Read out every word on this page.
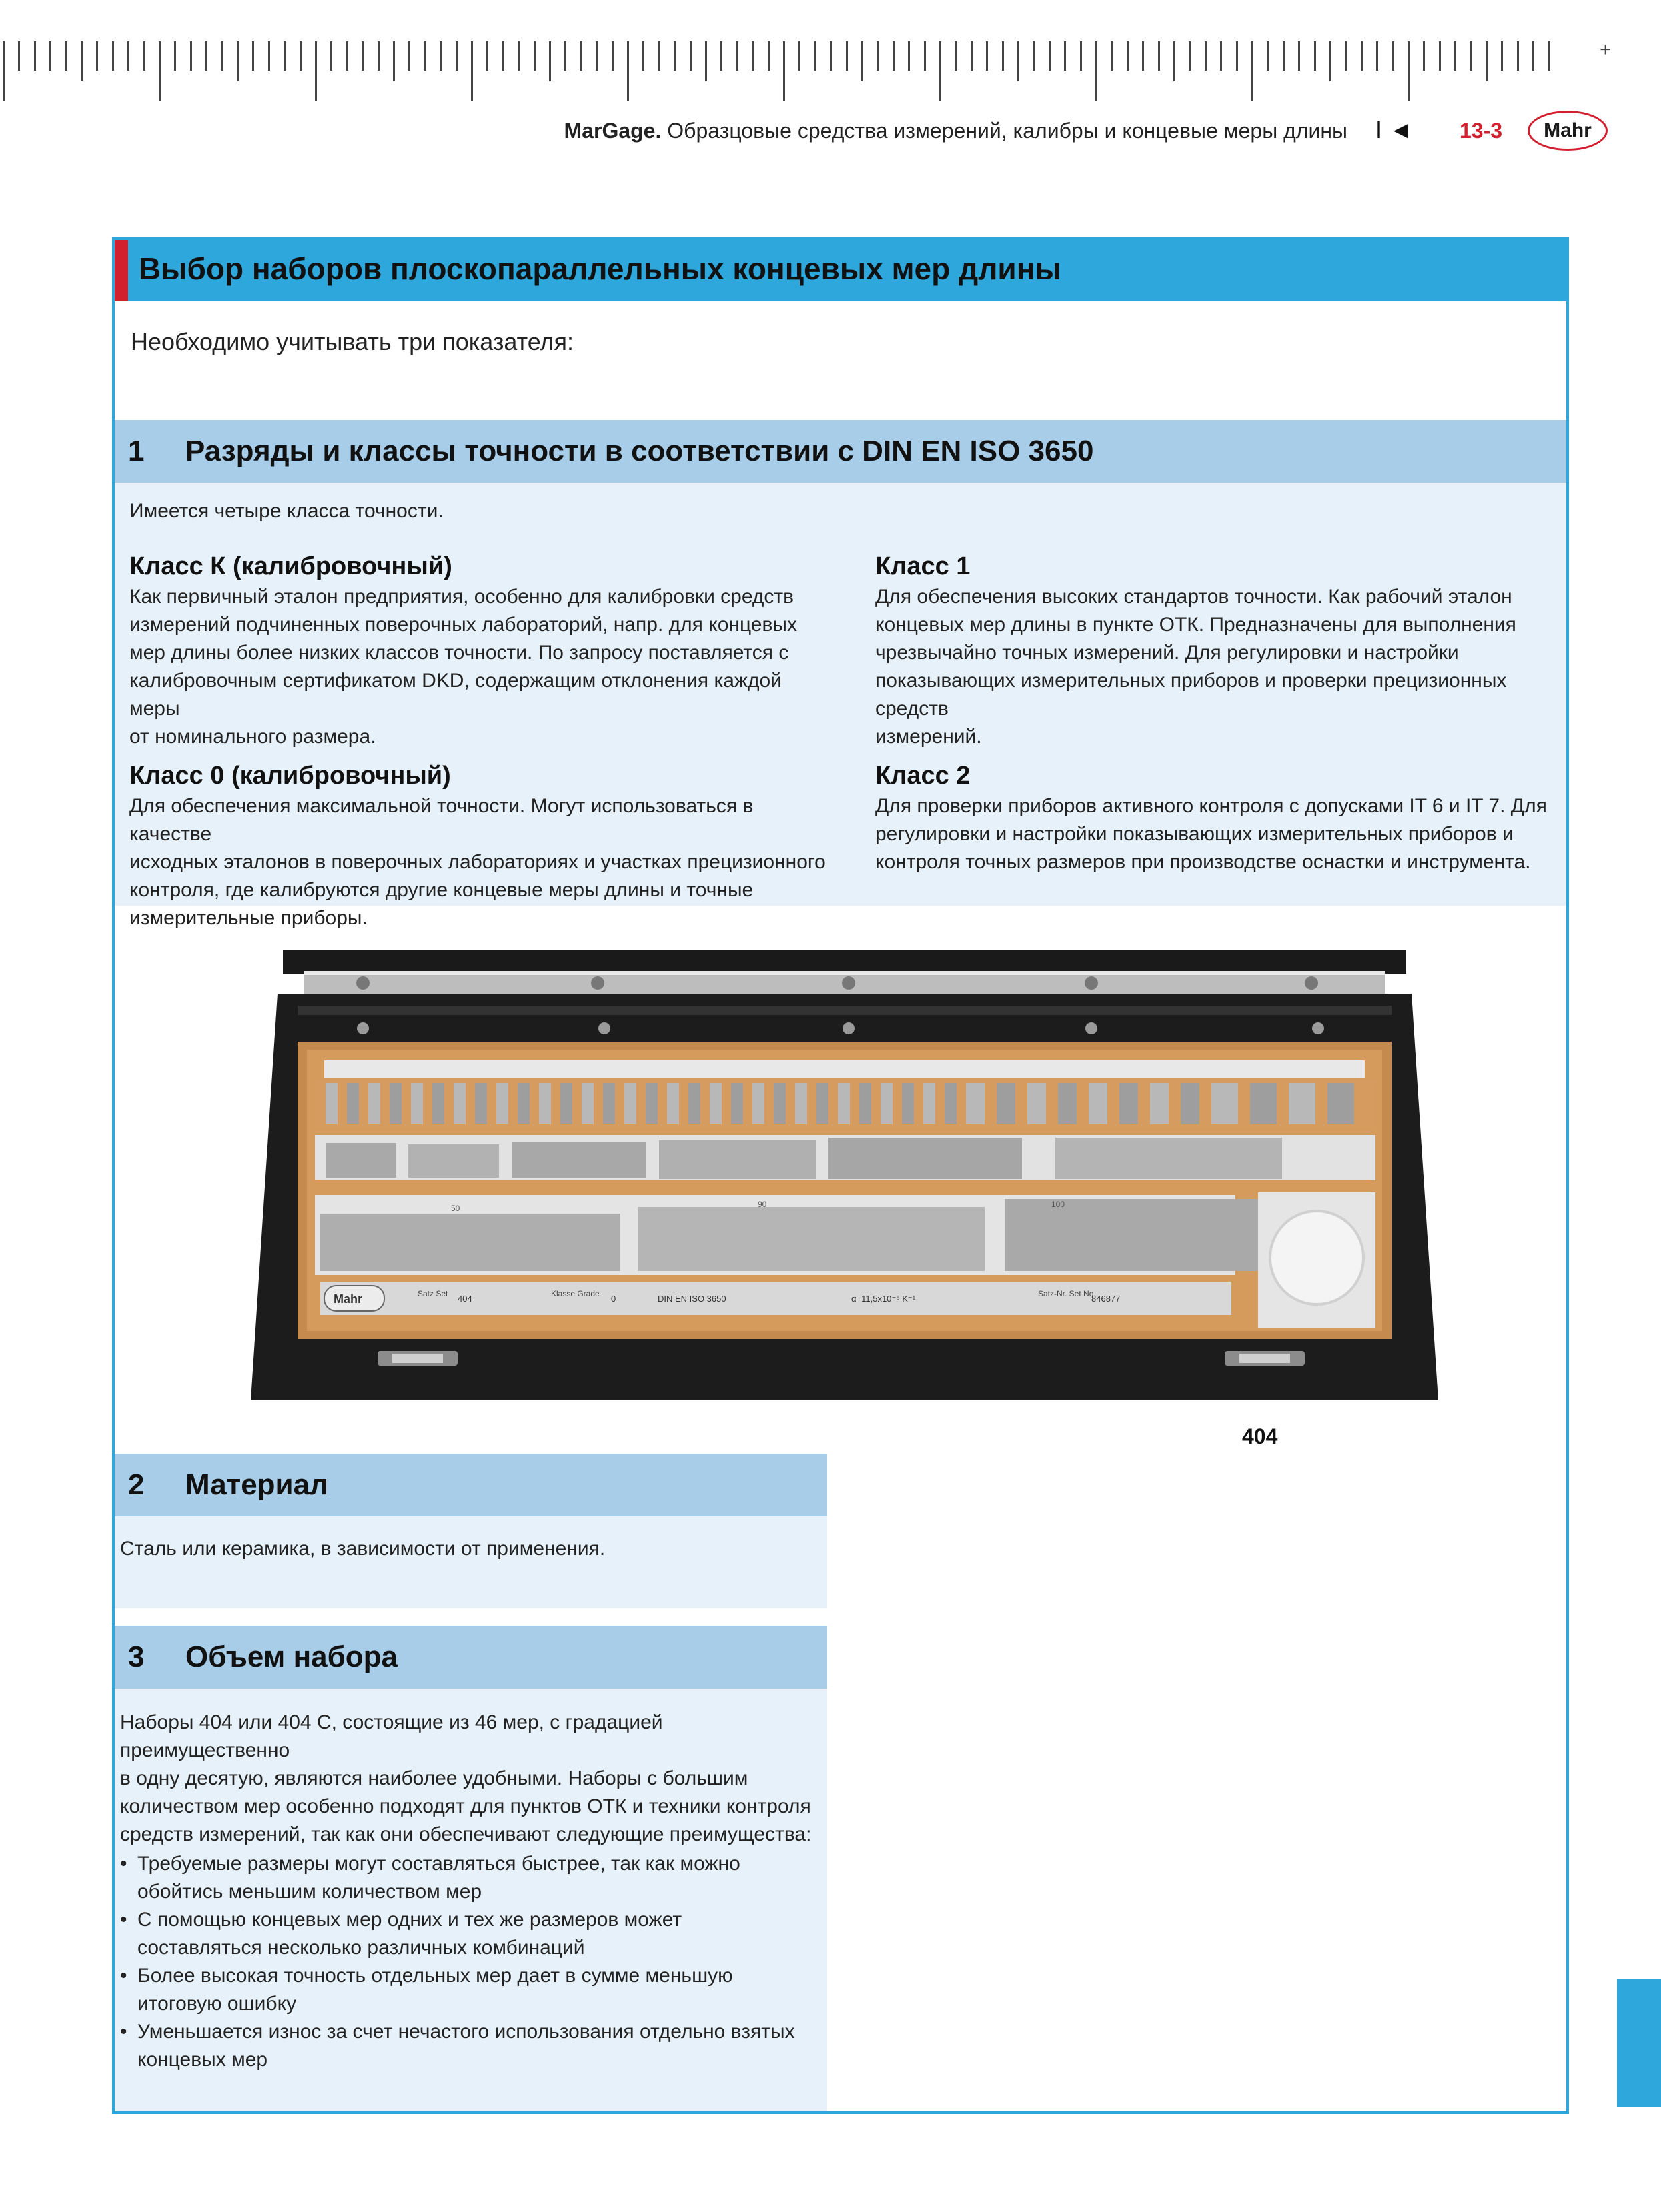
+
MarGage. Образцовые средства измерений, калибры и концевые меры длины I ◄ 13-3	Mahr
Выбор наборов плоскопараллельных концевых мер длины
Необходимо учитывать три показателя:
1 Разряды и классы точности в соответствии с DIN EN ISO 3650
Имеется четыре класса точности.
Класс К (калибровочный)
Как первичный эталон предприятия, особенно для калибровки средств
измерений подчиненных поверочных лабораторий, напр. для концевых
мер длины более низких классов точности. По запросу поставляется с
калибровочным сертификатом DKD, содержащим отклонения каждой меры
от номинального размера.
Класс 1
Для обеспечения высоких стандартов точности. Как рабочий эталон
концевых мер длины в пункте ОТК. Предназначены для выполнения
чрезвычайно точных измерений. Для регулировки и настройки
показывающих измерительных приборов и проверки прецизионных средств
измерений.
Класс 0 (калибровочный)
Для обеспечения максимальной точности. Могут использоваться в качестве
исходных эталонов в поверочных лабораториях и участках прецизионного
контроля, где калибруются другие концевые меры длины и точные
измерительные приборы.
Класс 2
Для проверки приборов активного контроля с допусками IT 6 и IT 7. Для
регулировки и настройки показывающих измерительных приборов и
контроля точных размеров при производстве оснастки и инструмента.
2 Материал
Сталь или керамика, в зависимости от применения.
3 Объем набора
Наборы 404 или 404 С, состоящие из 46 мер, с градацией преимущественно
в одну десятую, являются наиболее удобными. Наборы с большим
количеством мер особенно подходят для пунктов ОТК и техники контроля
средств измерений, так как они обеспечивают следующие преимущества:
• Требуемые размеры могут составляться быстрее, так как можно обойтись меньшим количеством мер
• С помощью концевых мер одних и тех же размеров может составляться несколько различных комбинаций
• Более высокая точность отдельных мер дает в сумме меньшую итоговую ошибку
• Уменьшается износ за счет нечастого использования отдельно взятых концевых мер
50	90	100
Mahr	Satz Set 404	Klasse Grade 0	DIN EN ISO 3650	α=11,5x10⁻⁶ K⁻¹	Satz-Nr. Set No.
846877
404
